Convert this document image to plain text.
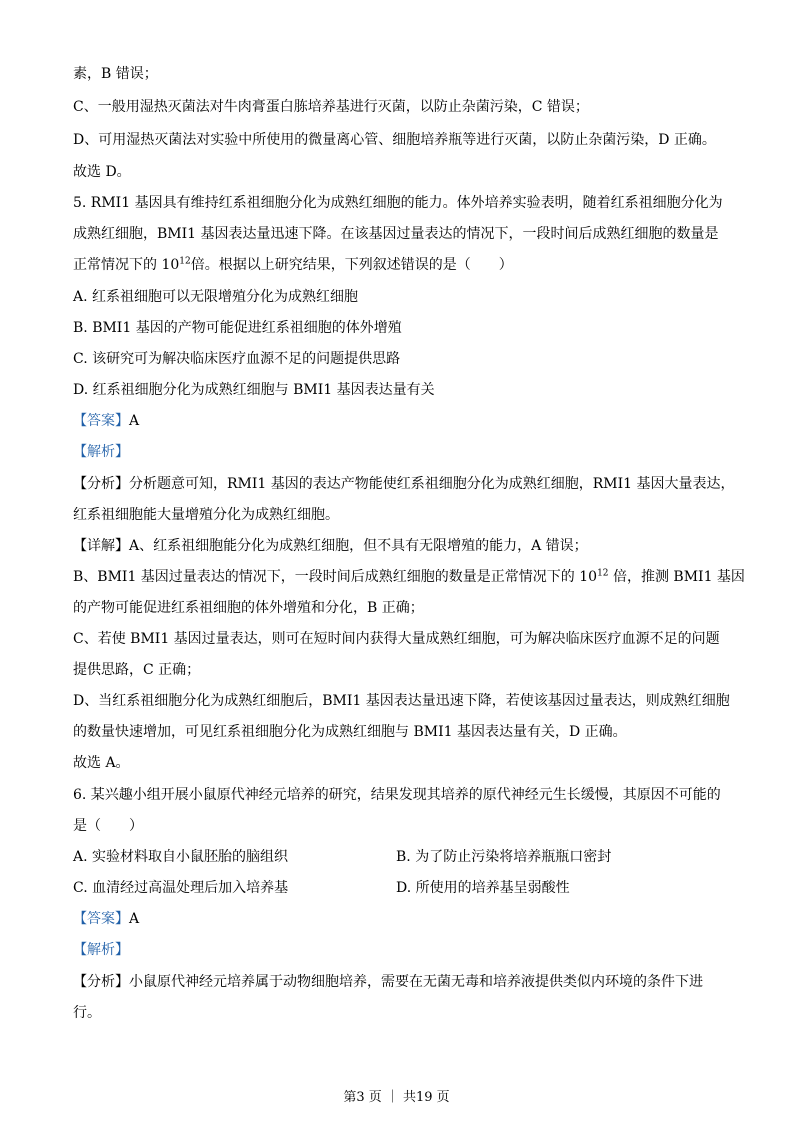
素，B 错误；
C、一般用湿热灭菌法对牛肉膏蛋白胨培养基进行灭菌，以防止杂菌污染，C 错误；
D、可用湿热灭菌法对实验中所使用的微量离心管、细胞培养瓶等进行灭菌，以防止杂菌污染，D 正确。
故选 D。
5. RMI1 基因具有维持红系祖细胞分化为成熟红细胞的能力。体外培养实验表明，随着红系祖细胞分化为
成熟红细胞，BMI1 基因表达量迅速下降。在该基因过量表达的情况下，一段时间后成熟红细胞的数量是
正常情况下的 $10^{12}$倍。根据以上研究结果，下列叙述错误的是（　　）
A. 红系祖细胞可以无限增殖分化为成熟红细胞
B. BMI1 基因的产物可能促进红系祖细胞的体外增殖
C. 该研究可为解决临床医疗血源不足的问题提供思路
D. 红系祖细胞分化为成熟红细胞与 BMI1 基因表达量有关
【答案】A
【解析】
【分析】分析题意可知，RMI1 基因的表达产物能使红系祖细胞分化为成熟红细胞，RMI1 基因大量表达，
红系祖细胞能大量增殖分化为成熟红细胞。
【详解】A、红系祖细胞能分化为成熟红细胞，但不具有无限增殖的能力，A 错误；
B、BMI1 基因过量表达的情况下，一段时间后成熟红细胞的数量是正常情况下的 $10^{12}$ 倍，推测 BMI1 基因
的产物可能促进红系祖细胞的体外增殖和分化，B 正确；
C、若使 BMI1 基因过量表达，则可在短时间内获得大量成熟红细胞，可为解决临床医疗血源不足的问题
提供思路，C 正确；
D、当红系祖细胞分化为成熟红细胞后，BMI1 基因表达量迅速下降，若使该基因过量表达，则成熟红细胞
的数量快速增加，可见红系祖细胞分化为成熟红细胞与 BMI1 基因表达量有关，D 正确。
故选 A。
6. 某兴趣小组开展小鼠原代神经元培养的研究，结果发现其培养的原代神经元生长缓慢，其原因不可能的
是（　　）
A. 实验材料取自小鼠胚胎的脑组织	B. 为了防止污染将培养瓶瓶口密封
C. 血清经过高温处理后加入培养基	D. 所使用的培养基呈弱酸性
【答案】A
【解析】
【分析】小鼠原代神经元培养属于动物细胞培养，需要在无菌无毒和培养液提供类似内环境的条件下进
行。
第3 页 ｜ 共19 页
